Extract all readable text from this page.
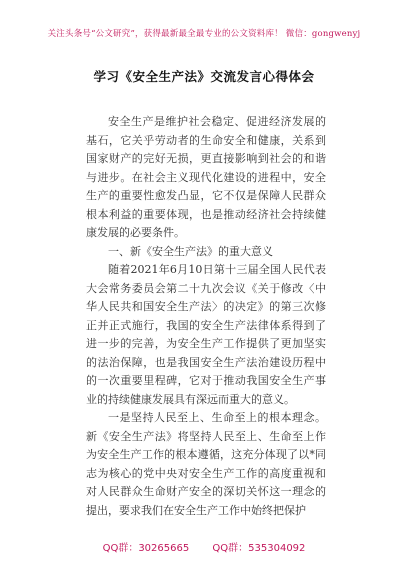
关注头条号“公文研究”，获得最新最全最专业的公文资料库！ 微信：gongwenyj
学习《安全生产法》交流发言心得体会

安全生产是维护社会稳定、促进经济发展的基石，它关乎劳动者的生命安全和健康，关系到国家财产的完好无损，更直接影响到社会的和谐与进步。在社会主义现代化建设的进程中，安全生产的重要性愈发凸显，它不仅是保障人民群众根本利益的重要体现，也是推动经济社会持续健康发展的必要条件。

一、新《安全生产法》的重大意义

随着2021年6月10日第十三届全国人民代表大会常务委员会第二十九次会议《关于修改〈中华人民共和国安全生产法〉的决定》的第三次修正并正式施行，我国的安全生产法律体系得到了进一步的完善，为安全生产工作提供了更加坚实的法治保障，也是我国安全生产法治建设历程中的一次重要里程碑，它对于推动我国安全生产事业的持续健康发展具有深远而重大的意义。

一是坚持人民至上、生命至上的根本理念。新《安全生产法》将坚持人民至上、生命至上作为安全生产工作的根本遵循，这充分体现了以*同志为核心的党中央对安全生产工作的高度重视和对人民群众生命财产安全的深切关怀这一理念的提出，要求我们在安全生产工作中始终把保护

QQ群：30265665 QQ群：535304092
